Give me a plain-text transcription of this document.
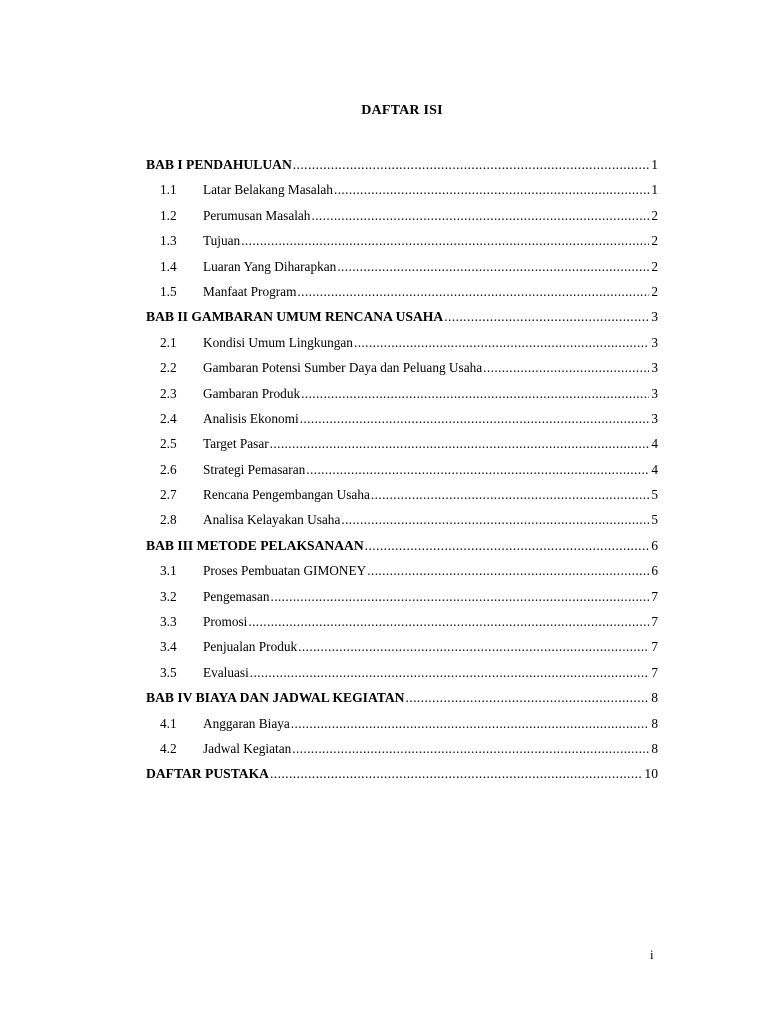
DAFTAR ISI
BAB I PENDAHULUAN .....	1
1.1	Latar Belakang Masalah .....	1
1.2	Perumusan Masalah .....	2
1.3	Tujuan .....	2
1.4	Luaran Yang Diharapkan .....	2
1.5	Manfaat Program .....	2
BAB II GAMBARAN UMUM RENCANA USAHA .....	3
2.1	Kondisi Umum Lingkungan .....	3
2.2	Gambaran Potensi Sumber Daya dan Peluang Usaha .....	3
2.3	Gambaran Produk .....	3
2.4	Analisis Ekonomi .....	3
2.5	Target Pasar .....	4
2.6	Strategi Pemasaran .....	4
2.7	Rencana Pengembangan Usaha .....	5
2.8	Analisa Kelayakan Usaha .....	5
BAB III METODE PELAKSANAAN .....	6
3.1	Proses Pembuatan GIMONEY .....	6
3.2	Pengemasan .....	7
3.3	Promosi .....	7
3.4	Penjualan Produk .....	7
3.5	Evaluasi .....	7
BAB IV BIAYA DAN JADWAL KEGIATAN .....	8
4.1	Anggaran Biaya .....	8
4.2	Jadwal Kegiatan .....	8
DAFTAR PUSTAKA .....	10
i
